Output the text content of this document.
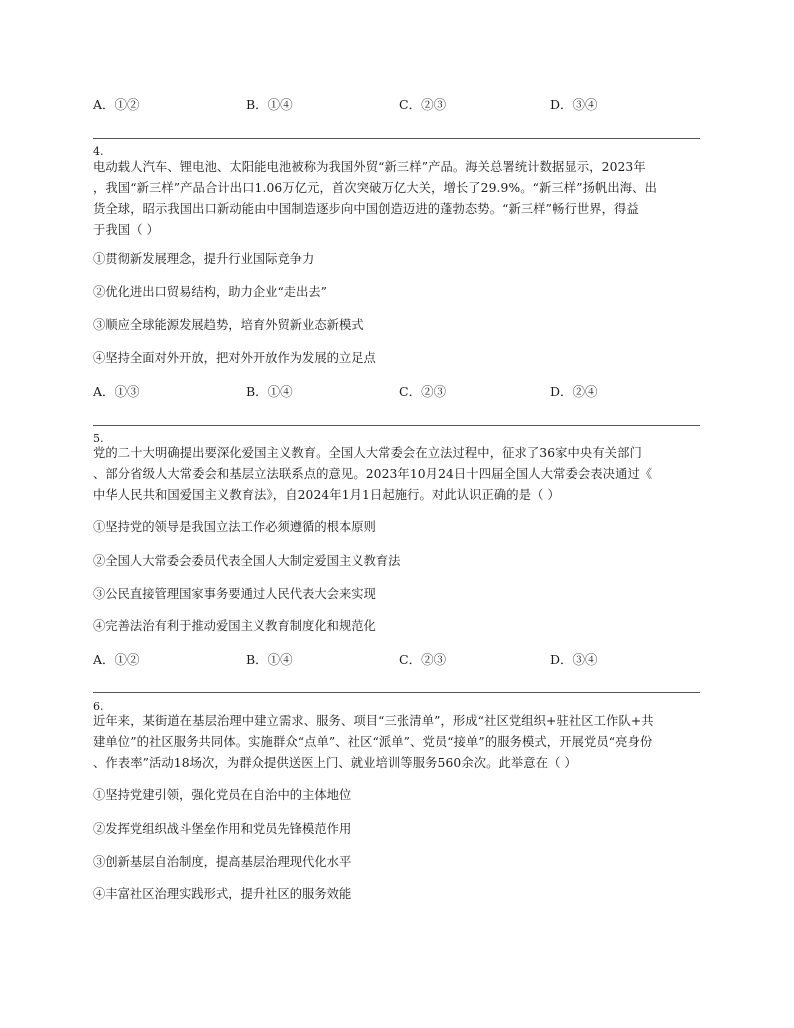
A．①②	B．①④	C．②③	D．③④
4.
电动载人汽车、锂电池、太阳能电池被称为我国外贸“新三样”产品。海关总署统计数据显示，2023年
，我国“新三样”产品合计出口1.06万亿元，首次突破万亿大关，增长了29.9%。“新三样”扬帆出海、出
货全球，昭示我国出口新动能由中国制造逐步向中国创造迈进的蓬勃态势。“新三样”畅行世界，得益
于我国（ ）
①贯彻新发展理念，提升行业国际竞争力
②优化进出口贸易结构，助力企业“走出去”
③顺应全球能源发展趋势，培育外贸新业态新模式
④坚持全面对外开放，把对外开放作为发展的立足点
A．①③	B．①④	C．②③	D．②④
5.
党的二十大明确提出要深化爱国主义教育。全国人大常委会在立法过程中，征求了36家中央有关部门
、部分省级人大常委会和基层立法联系点的意见。2023年10月24日十四届全国人大常委会表决通过《
中华人民共和国爱国主义教育法》，自2024年1月1日起施行。对此认识正确的是（ ）
①坚持党的领导是我国立法工作必须遵循的根本原则
②全国人大常委会委员代表全国人大制定爱国主义教育法
③公民直接管理国家事务要通过人民代表大会来实现
④完善法治有利于推动爱国主义教育制度化和规范化
A．①②	B．①④	C．②③	D．③④
6.
近年来，某街道在基层治理中建立需求、服务、项目“三张清单”，形成“社区党组织+驻社区工作队+共
建单位”的社区服务共同体。实施群众“点单”、社区“派单”、党员“接单”的服务模式，开展党员“亮身份
、作表率”活动18场次，为群众提供送医上门、就业培训等服务560余次。此举意在（ ）
①坚持党建引领，强化党员在自治中的主体地位
②发挥党组织战斗堡垒作用和党员先锋模范作用
③创新基层自治制度，提高基层治理现代化水平
④丰富社区治理实践形式，提升社区的服务效能
